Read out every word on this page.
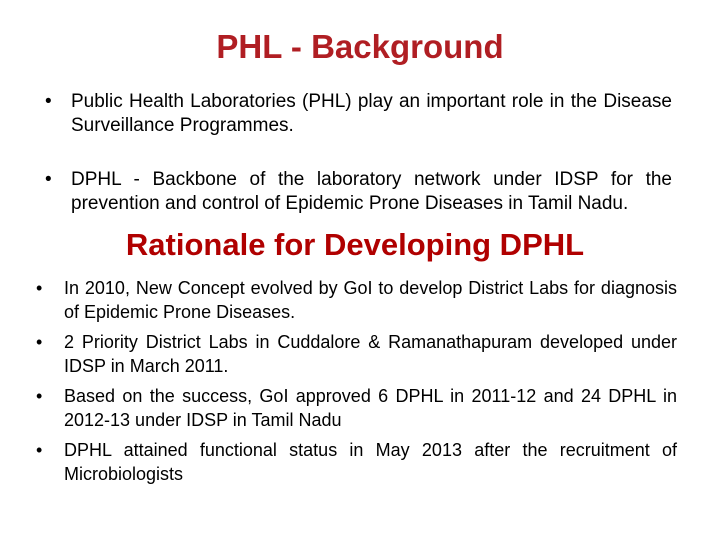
PHL - Background
• Public Health Laboratories (PHL) play an important role in the Disease Surveillance Programmes.
• DPHL - Backbone of the laboratory network under IDSP for the prevention and control of Epidemic Prone Diseases in Tamil Nadu.
Rationale for Developing DPHL
• In 2010, New Concept evolved by GoI to develop District Labs for diagnosis of Epidemic Prone Diseases.
• 2 Priority District Labs in Cuddalore & Ramanathapuram developed under IDSP in March 2011.
• Based on the success, GoI approved 6 DPHL in 2011-12 and 24 DPHL in 2012-13 under IDSP in Tamil Nadu
• DPHL attained functional status in May 2013 after the recruitment of Microbiologists
